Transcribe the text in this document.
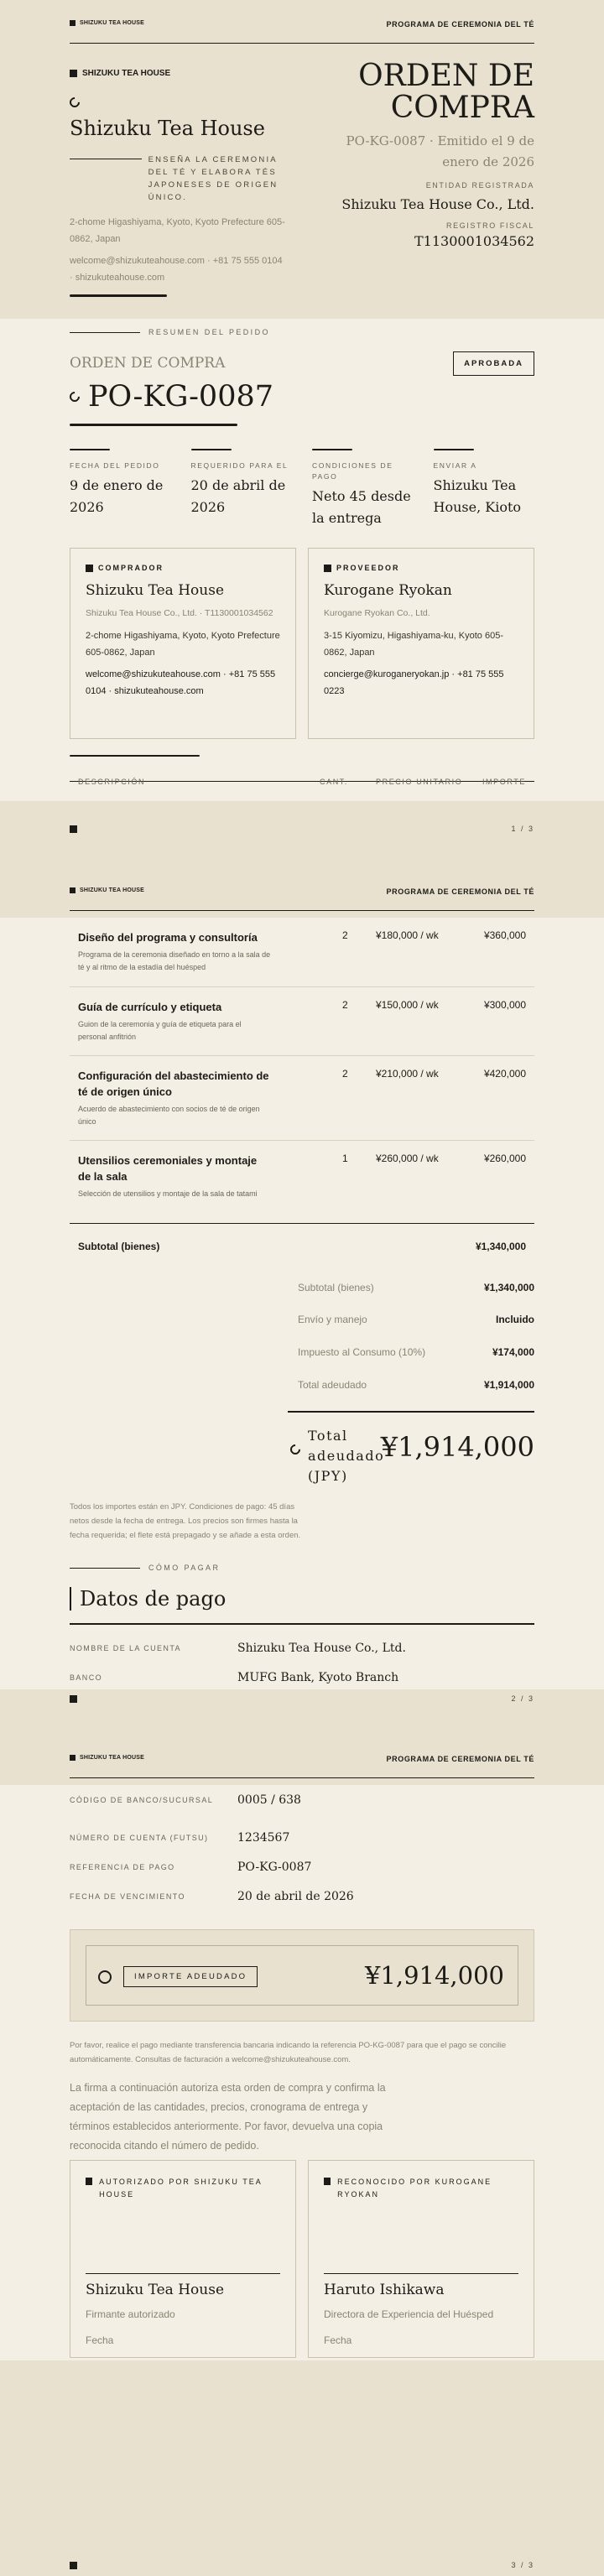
SHIZUKU TEA HOUSE	PROGRAMA DE CEREMONIA DEL TÉ
SHIZUKU TEA HOUSE
Shizuku Tea House
ENSEÑA LA CEREMONIA DEL TÉ Y ELABORA TÉS JAPONESES DE ORIGEN ÚNICO.
2-chome Higashiyama, Kyoto, Kyoto Prefecture 605-0862, Japan
welcome@shizukuteahouse.com · +81 75 555 0104 · shizukuteahouse.com
ORDEN DE COMPRA
PO-KG-0087 · Emitido el 9 de enero de 2026
ENTIDAD REGISTRADA
Shizuku Tea House Co., Ltd.
REGISTRO FISCAL
T1130001034562
RESUMEN DEL PEDIDO
ORDEN DE COMPRA
PO-KG-0087
APROBADA
FECHA DEL PEDIDO
9 de enero de 2026
REQUERIDO PARA EL
20 de abril de 2026
CONDICIONES DE PAGO
Neto 45 desde la entrega
ENVIAR A
Shizuku Tea House, Kioto
COMPRADOR
Shizuku Tea House
Shizuku Tea House Co., Ltd. · T1130001034562
2-chome Higashiyama, Kyoto, Kyoto Prefecture 605-0862, Japan
welcome@shizukuteahouse.com · +81 75 555 0104 · shizukuteahouse.com
PROVEEDOR
Kurogane Ryokan
Kurogane Ryokan Co., Ltd.
3-15 Kiyomizu, Higashiyama-ku, Kyoto 605-0862, Japan
concierge@kuroganeryokan.jp · +81 75 555 0223
DESCRIPCIÓN	CANT.	PRECIO UNITARIO	IMPORTE
1 / 3
SHIZUKU TEA HOUSE	PROGRAMA DE CEREMONIA DEL TÉ
Diseño del programa y consultoría
Programa de la ceremonia diseñado en torno a la sala de té y al ritmo de la estadía del huésped
2	¥180,000 / wk	¥360,000
Guía de currículo y etiqueta
Guion de la ceremonia y guía de etiqueta para el personal anfitrión
2	¥150,000 / wk	¥300,000
Configuración del abastecimiento de té de origen único
Acuerdo de abastecimiento con socios de té de origen único
2	¥210,000 / wk	¥420,000
Utensilios ceremoniales y montaje de la sala
Selección de utensilios y montaje de la sala de tatami
1	¥260,000 / wk	¥260,000
Subtotal (bienes)	¥1,340,000
Subtotal (bienes)	¥1,340,000
Envío y manejo	Incluido
Impuesto al Consumo (10%)	¥174,000
Total adeudado	¥1,914,000
Total adeudado (JPY)
¥1,914,000
Todos los importes están en JPY. Condiciones de pago: 45 días netos desde la fecha de entrega. Los precios son firmes hasta la fecha requerida; el flete está prepagado y se añade a esta orden.
CÓMO PAGAR
Datos de pago
NOMBRE DE LA CUENTA	Shizuku Tea House Co., Ltd.
BANCO	MUFG Bank, Kyoto Branch
2 / 3
SHIZUKU TEA HOUSE	PROGRAMA DE CEREMONIA DEL TÉ
CÓDIGO DE BANCO/SUCURSAL	0005 / 638
NÚMERO DE CUENTA (FUTSU)	1234567
REFERENCIA DE PAGO	PO-KG-0087
FECHA DE VENCIMIENTO	20 de abril de 2026
IMPORTE ADEUDADO	¥1,914,000
Por favor, realice el pago mediante transferencia bancaria indicando la referencia PO-KG-0087 para que el pago se concilie automáticamente. Consultas de facturación a welcome@shizukuteahouse.com.
La firma a continuación autoriza esta orden de compra y confirma la aceptación de las cantidades, precios, cronograma de entrega y términos establecidos anteriormente. Por favor, devuelva una copia reconocida citando el número de pedido.
AUTORIZADO POR SHIZUKU TEA HOUSE
Shizuku Tea House
Firmante autorizado
Fecha
RECONOCIDO POR KUROGANE RYOKAN
Haruto Ishikawa
Directora de Experiencia del Huésped
Fecha
3 / 3
